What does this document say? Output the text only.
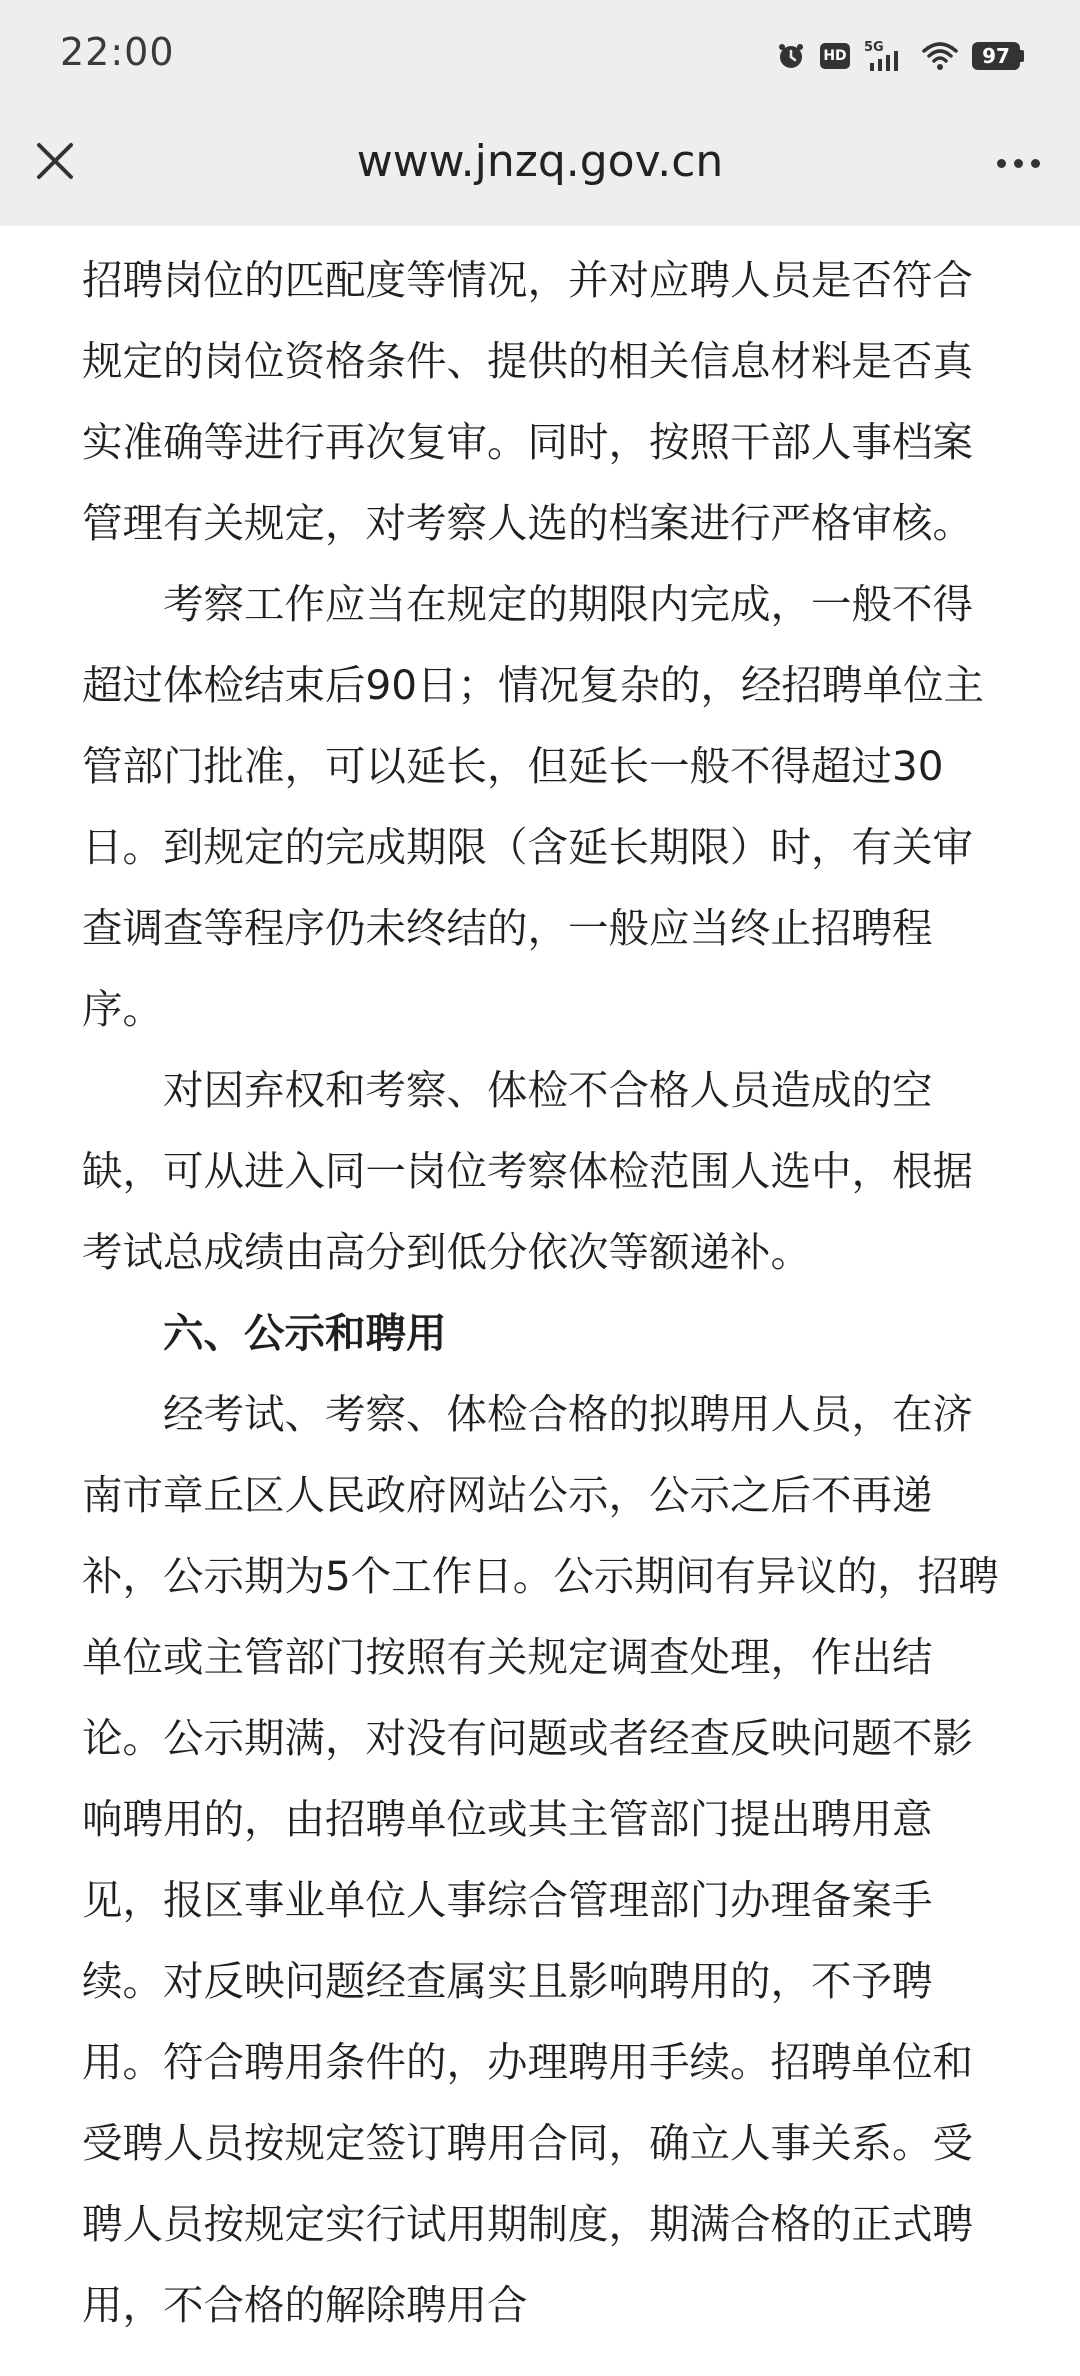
22:00	HD
5G	97
www.jnzq.gov.cn

招聘岗位的匹配度等情况，并对应聘人员是否符合规定的岗位资格条件、提供的相关信息材料是否真实准确等进行再次复审。同时，按照干部人事档案管理有关规定，对考察人选的档案进行严格审核。

考察工作应当在规定的期限内完成，一般不得超过体检结束后90日；情况复杂的，经招聘单位主管部门批准，可以延长，但延长一般不得超过30日。到规定的完成期限（含延长期限）时，有关审查调查等程序仍未终结的，一般应当终止招聘程序。

对因弃权和考察、体检不合格人员造成的空缺，可从进入同一岗位考察体检范围人选中，根据考试总成绩由高分到低分依次等额递补。

六、公示和聘用

经考试、考察、体检合格的拟聘用人员，在济南市章丘区人民政府网站公示，公示之后不再递补，公示期为5个工作日。公示期间有异议的，招聘单位或主管部门按照有关规定调查处理，作出结论。公示期满，对没有问题或者经查反映问题不影响聘用的，由招聘单位或其主管部门提出聘用意见，报区事业单位人事综合管理部门办理备案手续。对反映问题经查属实且影响聘用的，不予聘用。符合聘用条件的，办理聘用手续。招聘单位和受聘人员按规定签订聘用合同，确立人事关系。受聘人员按规定实行试用期制度，期满合格的正式聘用，不合格的解除聘用合
